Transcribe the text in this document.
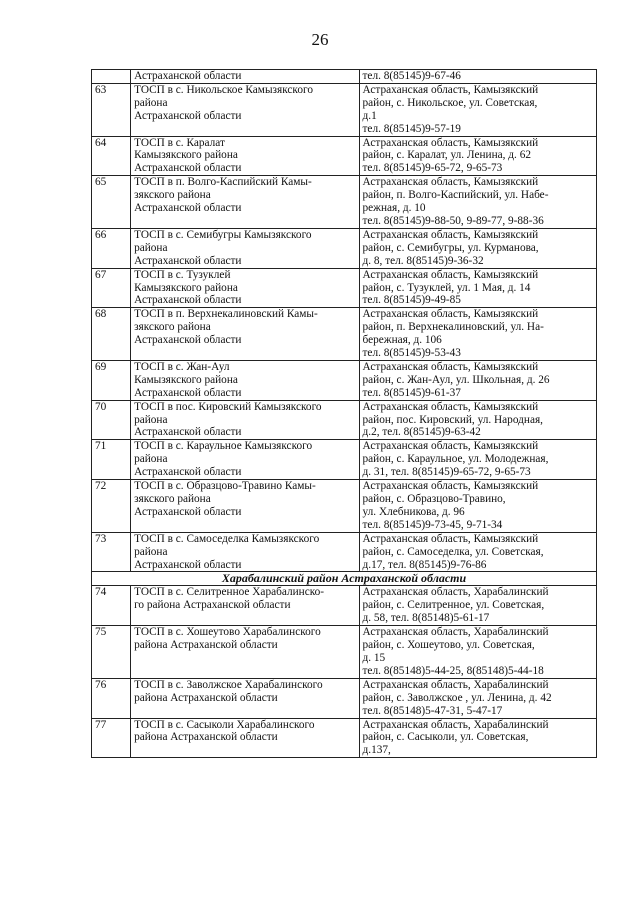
26

	Астраханской области	тел. 8(85145)9-67-46

63	ТОСП в с. Никольское Камызякского
района
Астраханской области	Астраханская область, Камызякский
район, с. Никольское, ул. Советская,
д.1
тел. 8(85145)9-57-19

64	ТОСП в с. Каралат
Камызякского района
Астраханской области	Астраханская область, Камызякский
район, с. Каралат, ул. Ленина, д. 62
тел. 8(85145)9-65-72, 9-65-73

65	ТОСП в п. Волго-Каспийский Камы-
зякского района
Астраханской области	Астраханская область, Камызякский
район, п. Волго-Каспийский, ул. Набе-
режная, д. 10
тел. 8(85145)9-88-50, 9-89-77, 9-88-36

66	ТОСП в с. Семибугры Камызякского
района
Астраханской области	Астраханская область, Камызякский
район, с. Семибугры, ул. Курманова,
д. 8, тел. 8(85145)9-36-32

67	ТОСП в с. Тузуклей
Камызякского района
Астраханской области	Астраханская область, Камызякский
район, с. Тузуклей, ул. 1 Мая, д. 14
тел. 8(85145)9-49-85

68	ТОСП в п. Верхнекалиновский Камы-
зякского района
Астраханской области	Астраханская область, Камызякский
район, п. Верхнекалиновский, ул. На-
бережная, д. 106
тел. 8(85145)9-53-43

69	ТОСП в с. Жан-Аул
Камызякского района
Астраханской области	Астраханская область, Камызякский
район, с. Жан-Аул, ул. Школьная, д. 26
тел. 8(85145)9-61-37

70	ТОСП в пос. Кировский Камызякского
района
Астраханской области	Астраханская область, Камызякский
район, пос. Кировский, ул. Народная,
д.2, тел. 8(85145)9-63-42

71	ТОСП в с. Караульное Камызякского
района
Астраханской области	Астраханская область, Камызякский
район, с. Караульное, ул. Молодежная,
д. 31, тел. 8(85145)9-65-72, 9-65-73

72	ТОСП в с. Образцово-Травино Камы-
зякского района
Астраханской области	Астраханская область, Камызякский
район, с. Образцово-Травино,
ул. Хлебникова, д. 96
тел. 8(85145)9-73-45, 9-71-34

73	ТОСП в с. Самоседелка Камызякского
района
Астраханской области	Астраханская область, Камызякский
район, с. Самоседелка, ул. Советская,
д.17, тел. 8(85145)9-76-86

Харабалинский район Астраханской области		
74	ТОСП в с. Селитренное Харабалинско-
го района Астраханской области	Астраханская область, Харабалинский
район, с. Селитренное, ул. Советская,
д. 58, тел. 8(85148)5-61-17

75	ТОСП в с. Хошеутово Харабалинского
района Астраханской области	Астраханская область, Харабалинский
район, с. Хошеутово, ул. Советская,
д. 15
тел. 8(85148)5-44-25, 8(85148)5-44-18

76	ТОСП в с. Заволжское Харабалинского
района Астраханской области	Астраханская область, Харабалинский
район, с. Заволжское , ул. Ленина, д. 42
тел. 8(85148)5-47-31, 5-47-17

77	ТОСП в с. Сасыколи Харабалинского
района Астраханской области	Астраханская область, Харабалинский
район, с. Сасыколи, ул. Советская,
д.137,
